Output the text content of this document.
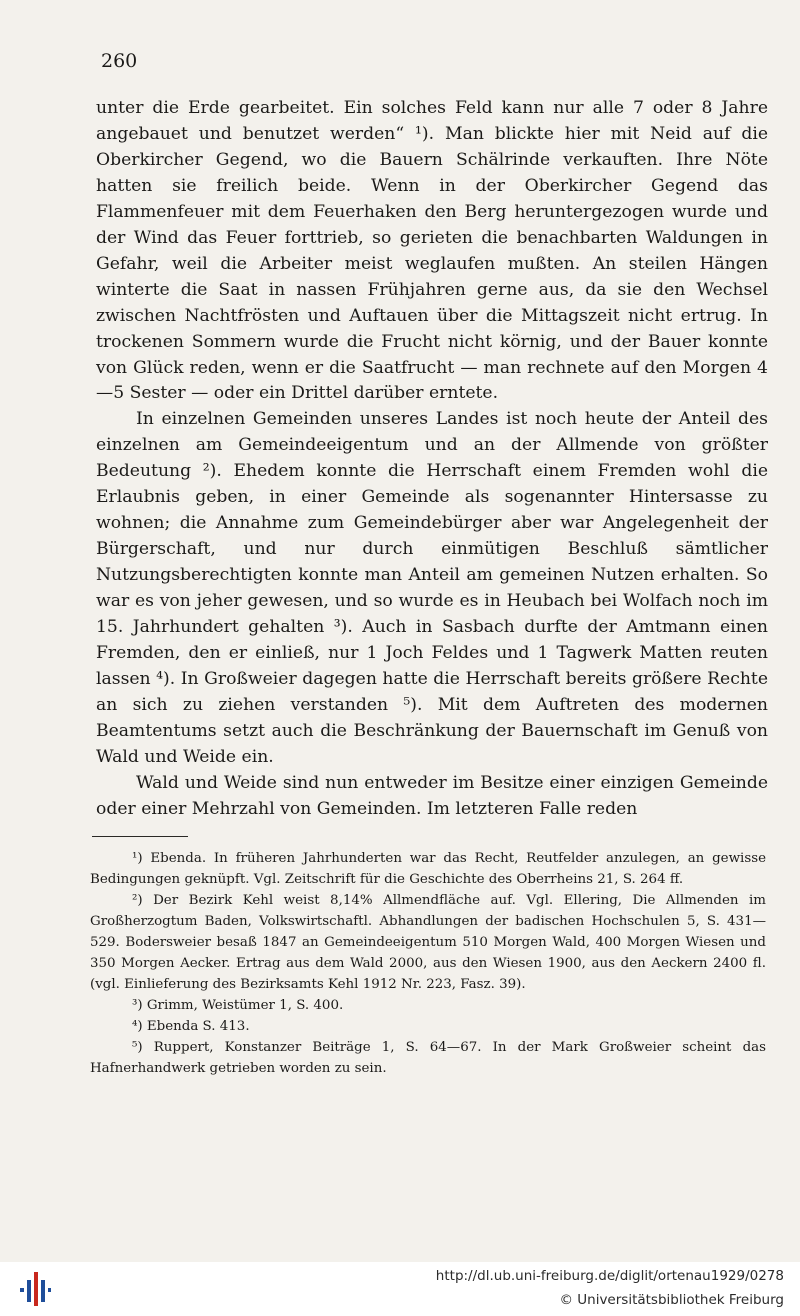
260

unter die Erde gearbeitet. Ein solches Feld kann nur alle 7 oder 8 Jahre angebauet und benutzet werden“ ¹). Man blickte hier mit Neid auf die Oberkircher Gegend, wo die Bauern Schälrinde verkauften. Ihre Nöte hatten sie freilich beide. Wenn in der Oberkircher Gegend das Flammenfeuer mit dem Feuerhaken den Berg heruntergezogen wurde und der Wind das Feuer forttrieb, so gerieten die benachbarten Waldungen in Gefahr, weil die Arbeiter meist weglaufen mußten. An steilen Hängen winterte die Saat in nassen Frühjahren gerne aus, da sie den Wechsel zwischen Nachtfrösten und Auftauen über die Mittagszeit nicht ertrug. In trockenen Sommern wurde die Frucht nicht körnig, und der Bauer konnte von Glück reden, wenn er die Saatfrucht — man rechnete auf den Morgen 4—5 Sester — oder ein Drittel darüber erntete.

In einzelnen Gemeinden unseres Landes ist noch heute der Anteil des einzelnen am Gemeindeeigentum und an der Allmende von größter Bedeutung ²). Ehedem konnte die Herrschaft einem Fremden wohl die Erlaubnis geben, in einer Gemeinde als sogenannter Hintersasse zu wohnen; die Annahme zum Gemeindebürger aber war Angelegenheit der Bürgerschaft, und nur durch einmütigen Beschluß sämtlicher Nutzungsberechtigten konnte man Anteil am gemeinen Nutzen erhalten. So war es von jeher gewesen, und so wurde es in Heubach bei Wolfach noch im 15. Jahrhundert gehalten ³). Auch in Sasbach durfte der Amtmann einen Fremden, den er einließ, nur 1 Joch Feldes und 1 Tagwerk Matten reuten lassen ⁴). In Großweier dagegen hatte die Herrschaft bereits größere Rechte an sich zu ziehen verstanden ⁵). Mit dem Auftreten des modernen Beamtentums setzt auch die Beschränkung der Bauernschaft im Genuß von Wald und Weide ein.

Wald und Weide sind nun entweder im Besitze einer einzigen Gemeinde oder einer Mehrzahl von Gemeinden. Im letzteren Falle reden

¹) Ebenda. In früheren Jahrhunderten war das Recht, Reutfelder anzulegen, an gewisse Bedingungen geknüpft. Vgl. Zeitschrift für die Geschichte des Oberrheins 21, S. 264 ff.

²) Der Bezirk Kehl weist 8,14% Allmendfläche auf. Vgl. Ellering, Die Allmenden im Großherzogtum Baden, Volkswirtschaftl. Abhandlungen der badischen Hochschulen 5, S. 431—529. Bodersweier besaß 1847 an Gemeindeeigentum 510 Morgen Wald, 400 Morgen Wiesen und 350 Morgen Aecker. Ertrag aus dem Wald 2000, aus den Wiesen 1900, aus den Aeckern 2400 fl. (vgl. Einlieferung des Bezirksamts Kehl 1912 Nr. 223, Fasz. 39).

³) Grimm, Weistümer 1, S. 400.

⁴) Ebenda S. 413.

⁵) Ruppert, Konstanzer Beiträge 1, S. 64—67. In der Mark Großweier scheint das Hafnerhandwerk getrieben worden zu sein.

http://dl.ub.uni-freiburg.de/diglit/ortenau1929/0278
© Universitätsbibliothek Freiburg
